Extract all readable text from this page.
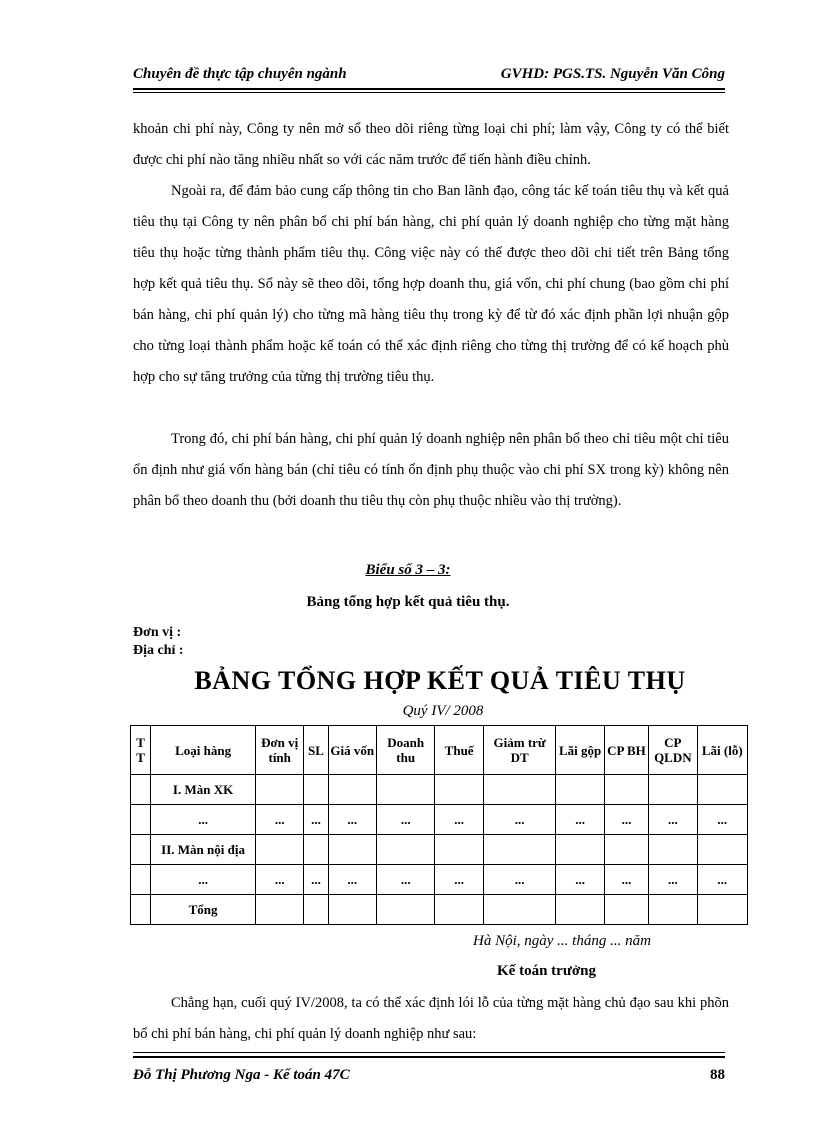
Chuyên đề thực tập chuyên ngành	GVHD: PGS.TS. Nguyễn Văn Công

khoản chi phí này, Công ty nên mở sổ theo dõi riêng từng loại chi phí; làm vậy, Công ty có thể biết được chi phí nào tăng nhiều nhất so với các năm trước để tiến hành điều chỉnh.

Ngoài ra, để đảm bảo cung cấp thông tin cho Ban lãnh đạo, công tác kế toán tiêu thụ và kết quả tiêu thụ tại Công ty nên phân bổ chi phí bán hàng, chi phí quản lý doanh nghiệp cho từng mặt hàng tiêu thụ hoặc từng thành phẩm tiêu thụ. Công việc này có thể được theo dõi chi tiết trên Bảng tổng hợp kết quả tiêu thụ. Sổ này sẽ theo dõi, tổng hợp doanh thu, giá vốn, chi phí chung (bao gồm chi phí bán hàng, chi phí quản lý) cho từng mã hàng tiêu thụ trong kỳ để từ đó xác định phần lợi nhuận gộp cho từng loại thành phẩm hoặc kế toán có thể xác định riêng cho từng thị trường để có kế hoạch phù hợp cho sự tăng trưởng của từng thị trường tiêu thụ.

Trong đó, chi phí bán hàng, chi phí quản lý doanh nghiệp nên phân bổ theo chỉ tiêu một chỉ tiêu ổn định như giá vốn hàng bán (chỉ tiêu có tính ổn định phụ thuộc vào chi phí SX trong kỳ) không nên phân bổ theo doanh thu (bởi doanh thu tiêu thụ còn phụ thuộc nhiều vào thị trường).

Biểu số 3 – 3:
Bảng tổng hợp kết quả tiêu thụ.
Đơn vị :
Địa chỉ :
BẢNG TỔNG HỢP KẾT QUẢ TIÊU THỤ
Quý IV/ 2008
T T	Loại hàng	Đơn vị tính	SL	Giá vốn	Doanh thu	Thuế	Giảm trừ DT	Lãi gộp	CP BH	CP QLDN	Lãi (lỗ)
	I. Màn XK										
	...	...	...	...	...	...	...	...	...	...	...
	II. Màn nội địa										
	...	...	...	...	...	...	...	...	...	...	...
	Tổng										
Hà Nội, ngày ... tháng ... năm
Kế toán trưởng

Chẳng hạn, cuối quý IV/2008, ta có thể xác định lói lỗ của từng mặt hàng chủ đạo sau khi phõn bổ chi phí bán hàng, chi phí quản lý doanh nghiệp như sau:

Đỗ Thị Phương Nga - Kế toán 47C	88
